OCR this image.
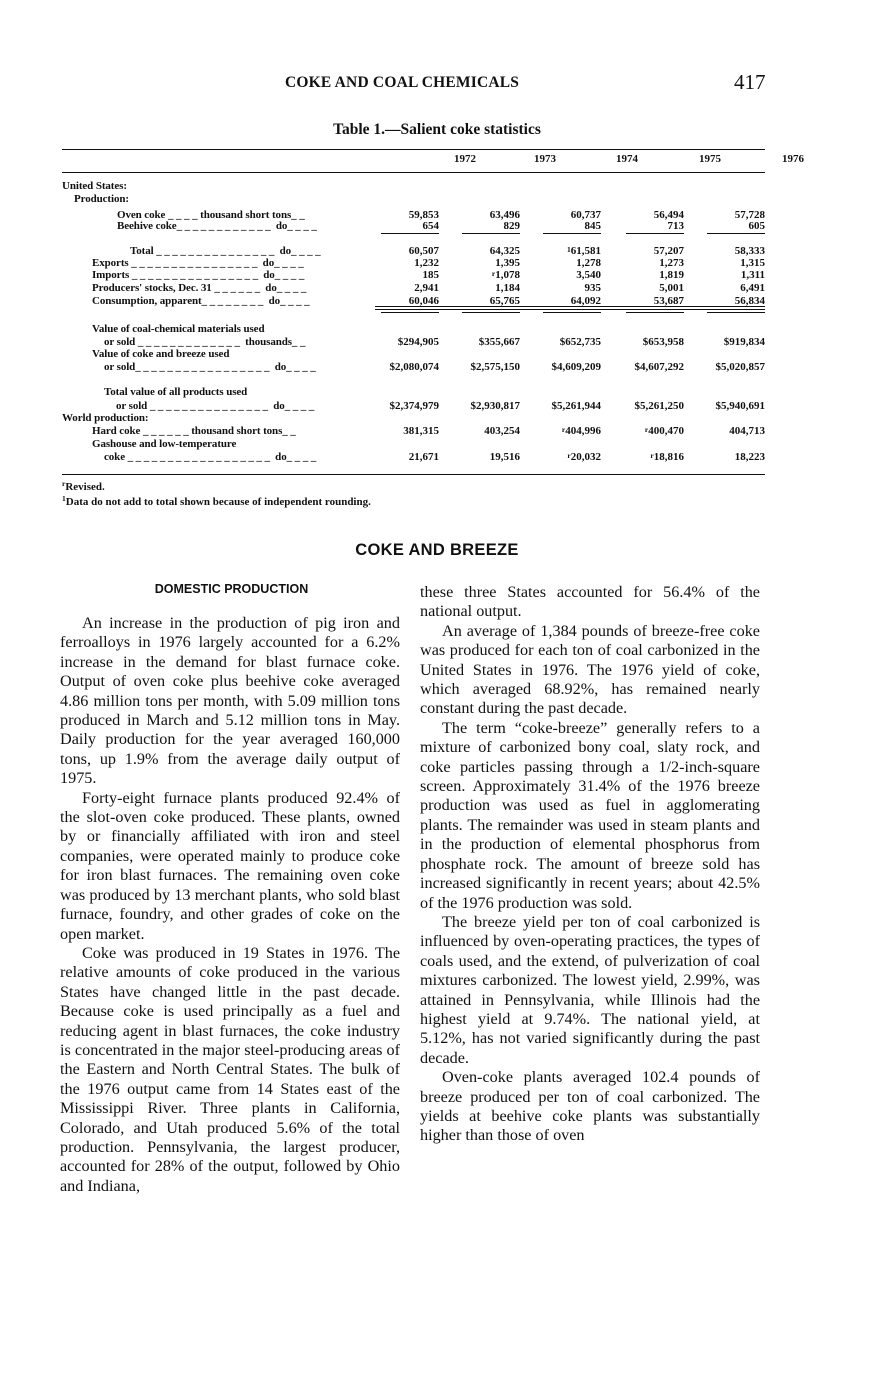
COKE AND COAL CHEMICALS	417
Table 1.—Salient coke statistics
1972	1973	1974	1975	1976
United States:
Production:
Oven coke _ _ _ _ thousand short tons_ _	59,853	63,496	60,737	56,494	57,728
Beehive coke_ _ _ _ _ _ _ _ _ _ _ _  do_ _ _ _	654	829	845	713	605
Total _ _ _ _ _ _ _ _ _ _ _ _ _ _ _  do_ _ _ _	60,507	64,325	$^1$61,581	57,207	58,333
Exports _ _ _ _ _ _ _ _ _ _ _ _ _ _ _ _  do_ _ _ _	1,232	1,395	1,278	1,273	1,315
Imports _ _ _ _ _ _ _ _ _ _ _ _ _ _ _ _  do_ _ _ _	185	$^r$1,078	3,540	1,819	1,311
Producers' stocks, Dec. 31 _ _ _ _ _ _  do_ _ _ _	2,941	1,184	935	5,001	6,491
Consumption, apparent_ _ _ _ _ _ _ _  do_ _ _ _	60,046	65,765	64,092	53,687	56,834
Value of coal-chemical materials used
or sold _ _ _ _ _ _ _ _ _ _ _ _ _  thousands_ _	$294,905	$355,667	$652,735	$653,958	$919,834
Value of coke and breeze used
or sold_ _ _ _ _ _ _ _ _ _ _ _ _ _ _ _ _  do_ _ _ _	$2,080,074	$2,575,150	$4,609,209	$4,607,292	$5,020,857
Total value of all products used
or sold _ _ _ _ _ _ _ _ _ _ _ _ _ _ _  do_ _ _ _	$2,374,979	$2,930,817	$5,261,944	$5,261,250	$5,940,691
World production:
Hard coke _ _ _ _ _ _ thousand short tons_ _	381,315	403,254	$^r$404,996	$^r$400,470	404,713
Gashouse and low-temperature
coke _ _ _ _ _ _ _ _ _ _ _ _ _ _ _ _ _ _  do_ _ _ _	21,671	19,516	$^r$20,032	$^r$18,816	18,223
$^r$Revised.
$^1$Data do not add to total shown because of independent rounding.
COKE AND BREEZE
DOMESTIC PRODUCTION

An increase in the production of pig iron and ferroalloys in 1976 largely accounted for a 6.2% increase in the demand for blast furnace coke. Output of oven coke plus beehive coke averaged 4.86 million tons per month, with 5.09 million tons produced in March and 5.12 million tons in May. Daily production for the year averaged 160,000 tons, up 1.9% from the average daily output of 1975.

Forty-eight furnace plants produced 92.4% of the slot-oven coke produced. These plants, owned by or financially affiliated with iron and steel companies, were operated mainly to produce coke for iron blast furnaces. The remaining oven coke was produced by 13 merchant plants, who sold blast furnace, foundry, and other grades of coke on the open market.

Coke was produced in 19 States in 1976. The relative amounts of coke produced in the various States have changed little in the past decade. Because coke is used principally as a fuel and reducing agent in blast furnaces, the coke industry is concentrated in the major steel-producing areas of the Eastern and North Central States. The bulk of the 1976 output came from 14 States east of the Mississippi River. Three plants in California, Colorado, and Utah produced 5.6% of the total production. Pennsylvania, the largest producer, accounted for 28% of the output, followed by Ohio and Indiana,

these three States accounted for 56.4% of the national output.

An average of 1,384 pounds of breeze-free coke was produced for each ton of coal carbonized in the United States in 1976. The 1976 yield of coke, which averaged 68.92%, has remained nearly constant during the past decade.

The term “coke-breeze” generally refers to a mixture of carbonized bony coal, slaty rock, and coke particles passing through a 1/2-inch-square screen. Approximately 31.4% of the 1976 breeze production was used as fuel in agglomerating plants. The remainder was used in steam plants and in the production of elemental phosphorus from phosphate rock. The amount of breeze sold has increased significantly in recent years; about 42.5% of the 1976 production was sold.

The breeze yield per ton of coal carbonized is influenced by oven-operating practices, the types of coals used, and the extend, of pulverization of coal mixtures carbonized. The lowest yield, 2.99%, was attained in Pennsylvania, while Illinois had the highest yield at 9.74%. The national yield, at 5.12%, has not varied significantly during the past decade.

Oven-coke plants averaged 102.4 pounds of breeze produced per ton of coal carbonized. The yields at beehive coke plants was substantially higher than those of oven
